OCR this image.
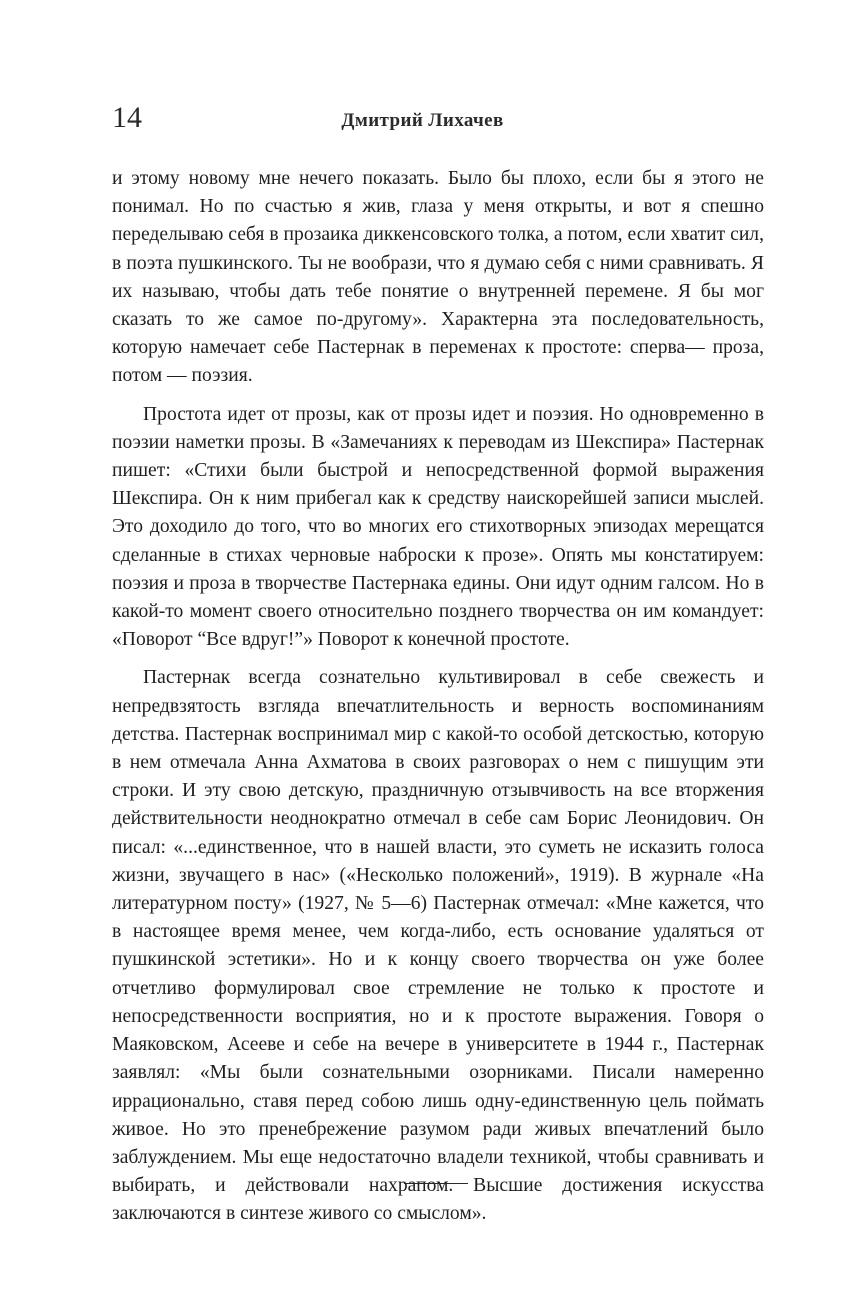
14	Дмитрий Лихачев

и этому новому мне нечего показать. Было бы плохо, если бы я этого не понимал. Но по счастью я жив, глаза у меня открыты, и вот я спешно переделываю себя в прозаика диккенсовского толка, а потом, если хватит сил, в поэта пушкинского. Ты не вообрази, что я думаю себя с ними сравнивать. Я их называю, чтобы дать тебе понятие о внутренней перемене. Я бы мог сказать то же самое по-другому». Характерна эта последовательность, которую намечает себе Пастернак в переменах к простоте: сперва— проза, потом — поэзия.

Простота идет от прозы, как от прозы идет и поэзия. Но одновременно в поэзии наметки прозы. В «Замечаниях к переводам из Шекспира» Пастернак пишет: «Стихи были быстрой и непосредственной формой выражения Шекспира. Он к ним прибегал как к средству наискорейшей записи мыслей. Это доходило до того, что во многих его стихотворных эпизодах мерещатся сделанные в стихах черновые наброски к прозе». Опять мы констатируем: поэзия и проза в творчестве Пастернака едины. Они идут одним галсом. Но в какой-то момент своего относительно позднего творчества он им командует: «Поворот “Все вдруг!”» Поворот к конечной простоте.

Пастернак всегда сознательно культивировал в себе свежесть и непредвзятость взгляда впечатлительность и верность воспоминаниям детства. Пастернак воспринимал мир с какой-то особой детскостью, которую в нем отмечала Анна Ахматова в своих разговорах о нем с пишущим эти строки. И эту свою детскую, праздничную отзывчивость на все вторжения действительности неоднократно отмечал в себе сам Борис Леонидович. Он писал: «...единственное, что в нашей власти, это суметь не исказить голоса жизни, звучащего в нас» («Несколько положений», 1919). В журнале «На литературном посту» (1927, № 5—6) Пастернак отмечал: «Мне кажется, что в настоящее время менее, чем когда-либо, есть основание удаляться от пушкинской эстетики». Но и к концу своего творчества он уже более отчетливо формулировал свое стремление не только к простоте и непосредственности восприятия, но и к простоте выражения. Говоря о Маяковском, Асееве и себе на вечере в университете в 1944 г., Пастернак заявлял: «Мы были сознательными озорниками. Писали намеренно иррационально, ставя перед собою лишь одну-единственную цель поймать живое. Но это пренебрежение разумом ради живых впечатлений было заблуждением. Мы еще недостаточно владели техникой, чтобы сравнивать и выбирать, и действовали нахрапом. Высшие достижения искусства заключаются в синтезе живого со смыслом».
